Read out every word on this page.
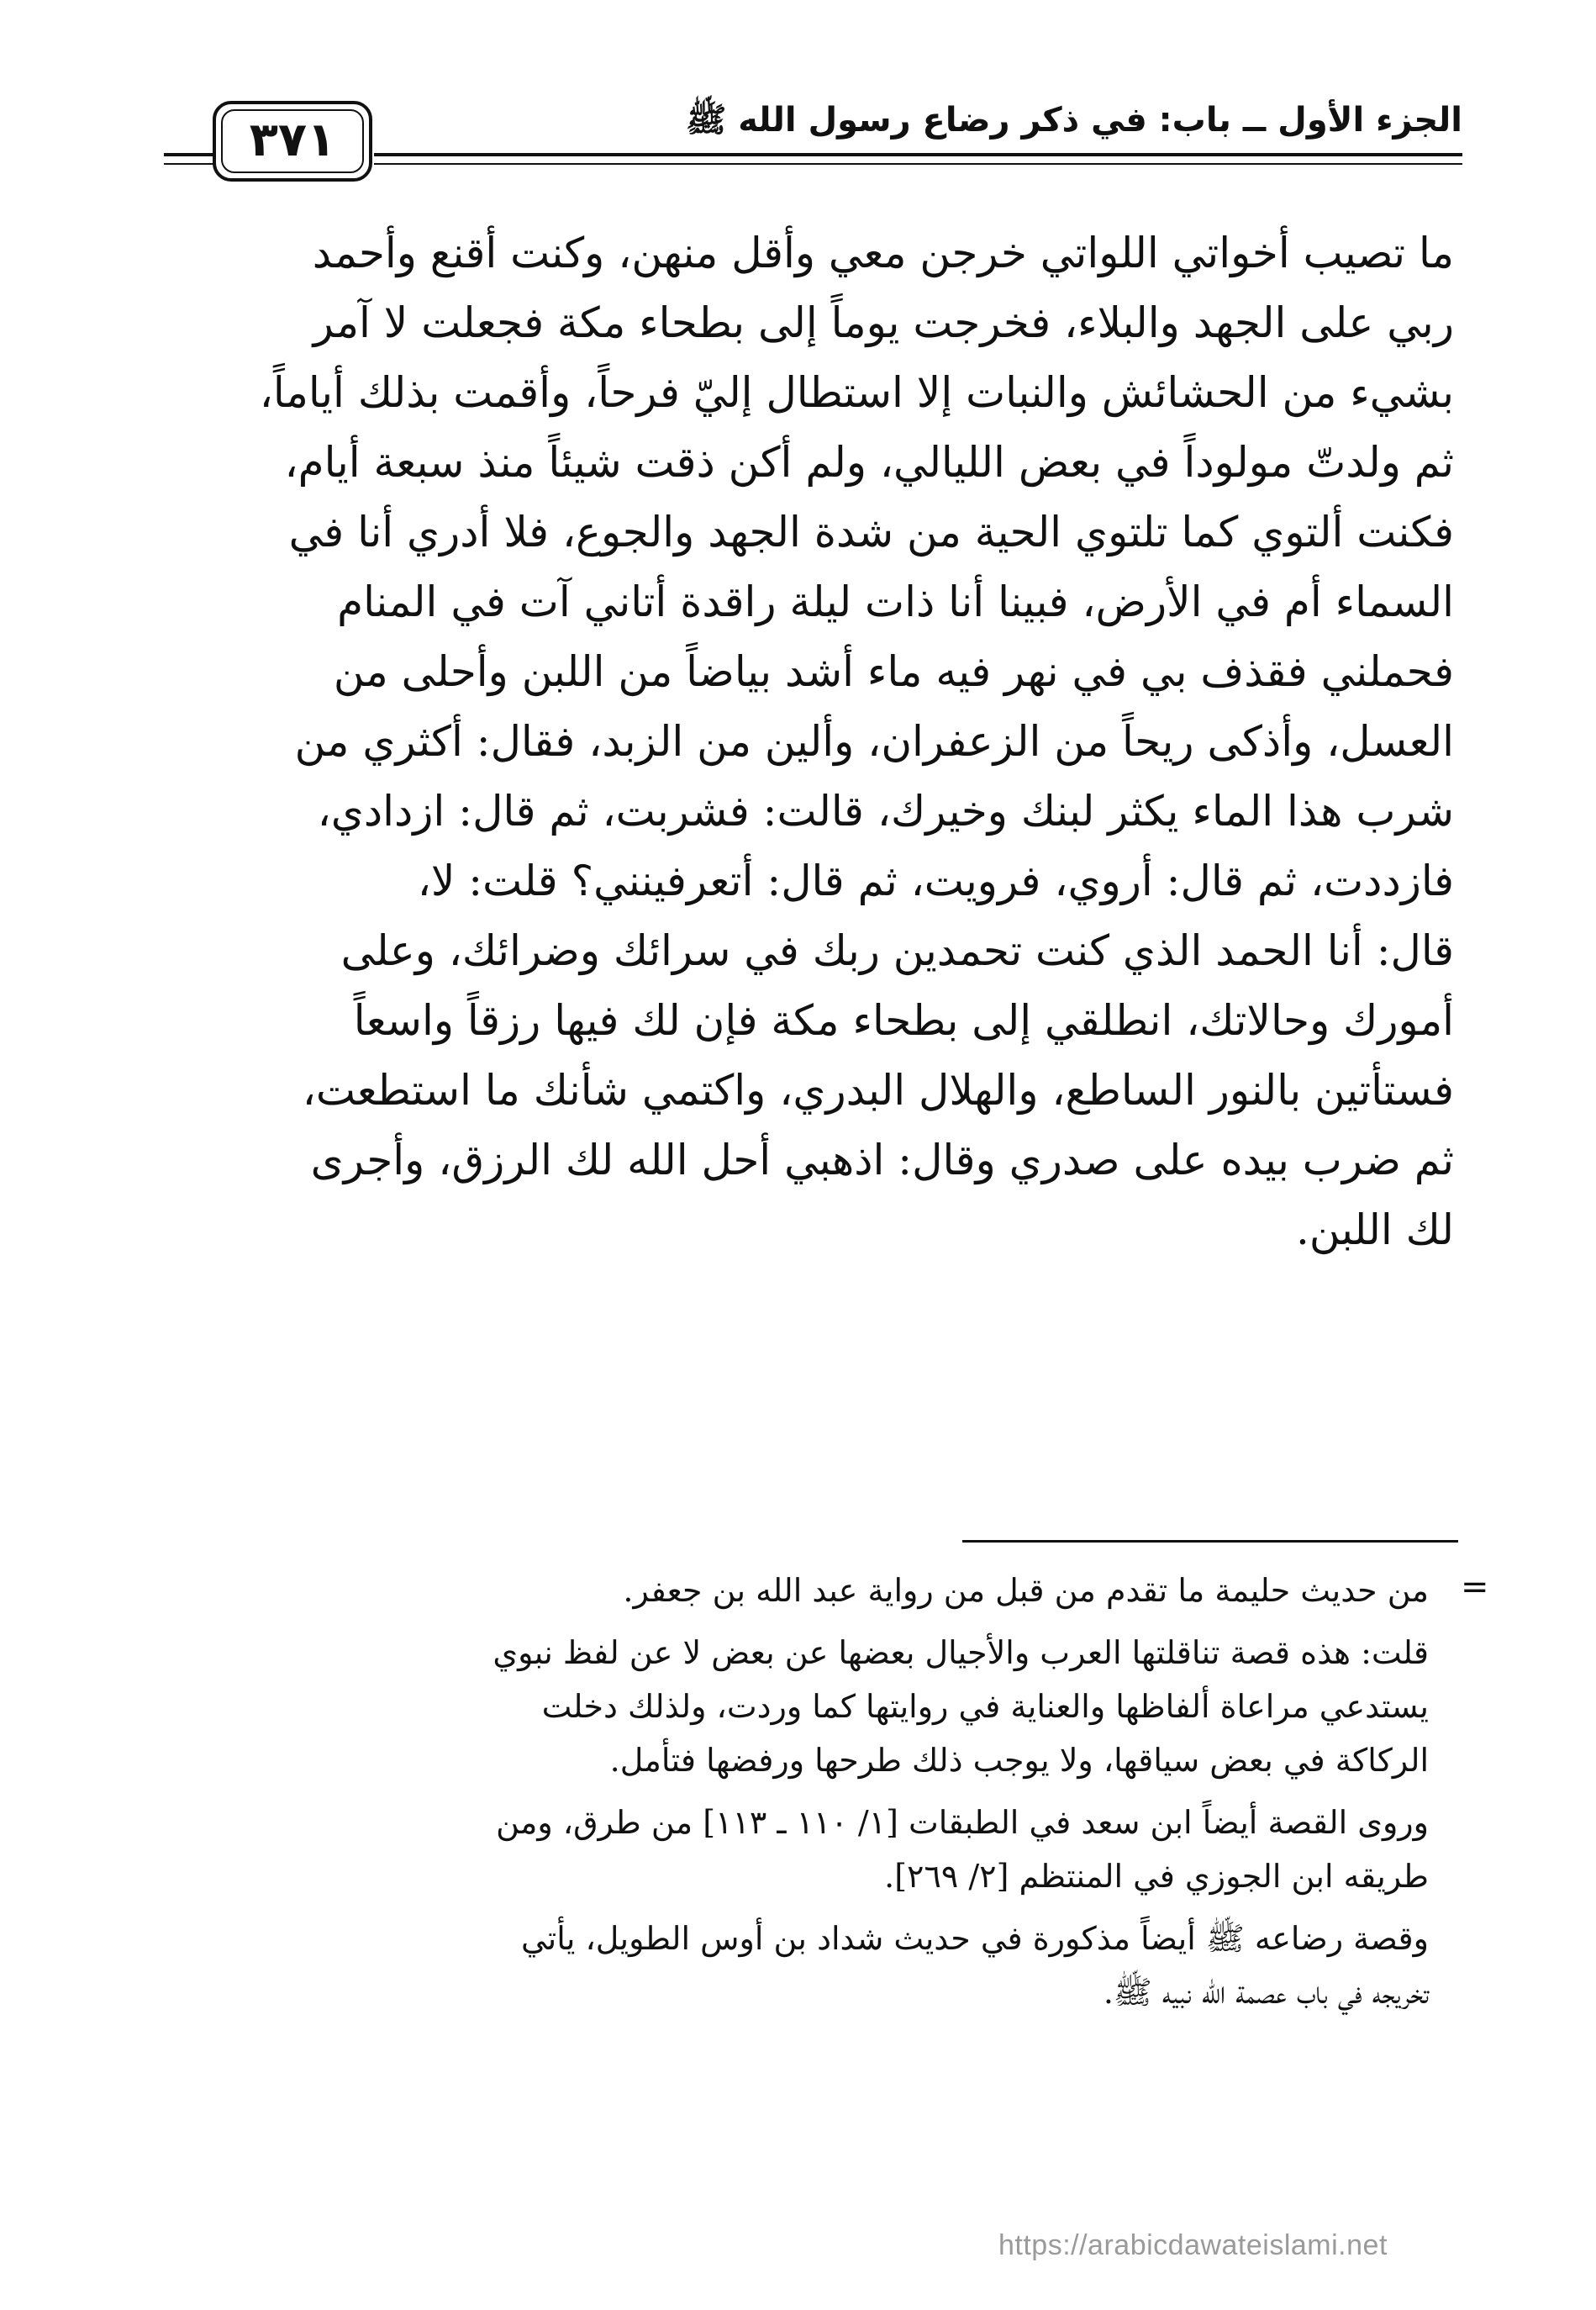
الجزء الأول ــ باب: في ذكر رضاع رسول الله ﷺ
٣٧١
ما تصيب أخواتي اللواتي خرجن معي وأقل منهن، وكنت أقنع وأحمد
ربي على الجهد والبلاء، فخرجت يوماً إلى بطحاء مكة فجعلت لا آمر
بشيء من الحشائش والنبات إلا استطال إليّ فرحاً، وأقمت بذلك أياماً،
ثم ولدتّ مولوداً في بعض الليالي، ولم أكن ذقت شيئاً منذ سبعة أيام،
فكنت ألتوي كما تلتوي الحية من شدة الجهد والجوع، فلا أدري أنا في
السماء أم في الأرض، فبينا أنا ذات ليلة راقدة أتاني آت في المنام
فحملني فقذف بي في نهر فيه ماء أشد بياضاً من اللبن وأحلى من
العسل، وأذكى ريحاً من الزعفران، وألين من الزبد، فقال: أكثري من
شرب هذا الماء يكثر لبنك وخيرك، قالت: فشربت، ثم قال: ازدادي،
فازددت، ثم قال: أروي، فرويت، ثم قال: أتعرفينني؟ قلت: لا،
قال: أنا الحمد الذي كنت تحمدين ربك في سرائك وضرائك، وعلى
أمورك وحالاتك، انطلقي إلى بطحاء مكة فإن لك فيها رزقاً واسعاً
فستأتين بالنور الساطع، والهلال البدري، واكتمي شأنك ما استطعت،
ثم ضرب بيده على صدري وقال: اذهبي أحل الله لك الرزق، وأجرى
لك اللبن.
=
من حديث حليمة ما تقدم من قبل من رواية عبد الله بن جعفر.
قلت: هذه قصة تناقلتها العرب والأجيال بعضها عن بعض لا عن لفظ نبوي
يستدعي مراعاة ألفاظها والعناية في روايتها كما وردت، ولذلك دخلت
الركاكة في بعض سياقها، ولا يوجب ذلك طرحها ورفضها فتأمل.
وروى القصة أيضاً ابن سعد في الطبقات [١/ ١١٠ ـ ١١٣] من طرق، ومن
طريقه ابن الجوزي في المنتظم [٢/ ٢٦٩].
وقصة رضاعه ﷺ أيضاً مذكورة في حديث شداد بن أوس الطويل، يأتي
تخريجه في باب عصمة الله نبيه ﷺ.
https://arabicdawateislami.net
